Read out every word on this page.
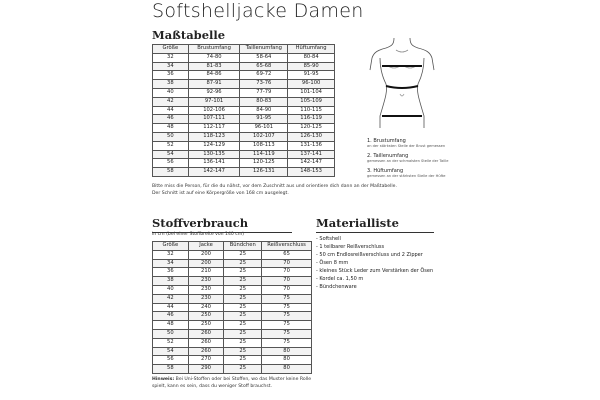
Softshelljacke Damen
Maßtabelle
Größe	Brustumfang	Taillenumfang	Hüftumfang
32	74-80	58-64	80-84
34	81-83	65-68	85-90
36	84-86	69-72	91-95
38	87-91	73-76	96-100
40	92-96	77-79	101-104
42	97-101	80-83	105-109
44	102-106	84-90	110-115
46	107-111	91-95	116-119
48	112-117	96-101	120-125
50	118-123	102-107	126-130
52	124-129	108-113	131-136
54	130-135	114-119	137-141
56	136-141	120-125	142-147
58	142-147	126-131	148-153

Bitte miss die Person, für die du nähst, vor dem Zuschnitt aus und orientiere dich dann an der Maßtabelle.
Der Schnitt ist auf eine Körpergröße von 168 cm ausgelegt.

1. Brustumfang
an der stärksten Stelle der Brust gemessen
2. Taillenumfang
gemessen an der schmalsten Stelle der Taille
3. Hüftumfang
gemessen an der stärksten Stelle der Hüfte
Stoffverbrauch

in cm (bei einer Stoffbreite von 140 cm)

Größe	Jacke	Bündchen	Reißverschluss
32	200	25	65
34	200	25	70
36	210	25	70
38	230	25	70
40	230	25	70
42	230	25	75
44	240	25	75
46	250	25	75
48	250	25	75
50	260	25	75
52	260	25	75
54	260	25	80
56	270	25	80
58	290	25	80

Hinweis: Bei Uni-Stoffen oder bei Stoffen, wo das Muster keine Rolle
spielt, kann es sein, dass du weniger Stoff brauchst.

Materialliste
- Softshell
- 1 teilbarer Reißverschluss
- 50 cm Endlosreißverschluss und 2 Zipper
- Ösen 8 mm
- kleines Stück Leder zum Verstärken der Ösen
- Kordel ca. 1,50 m
- Bündchenware
